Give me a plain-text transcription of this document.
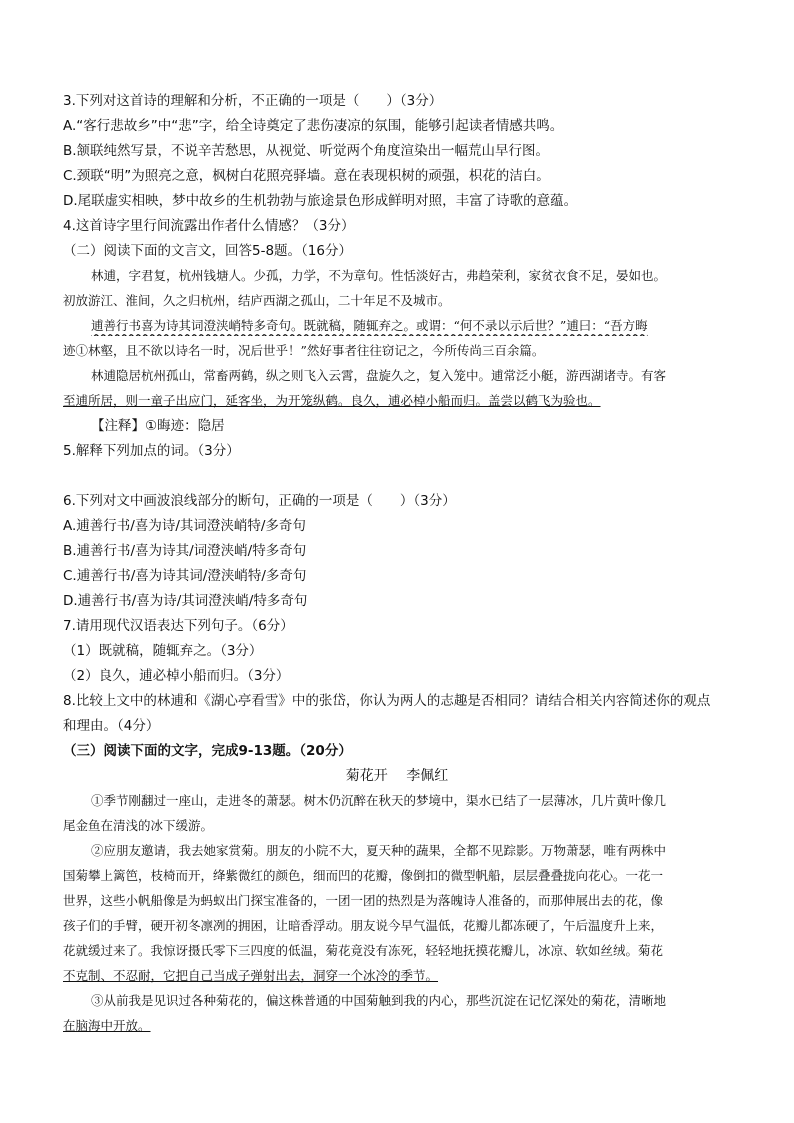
3.下列对这首诗的理解和分析，不正确的一项是（　　）（3分）
A.“客行悲故乡”中“悲”字，给全诗奠定了悲伤凄凉的氛围，能够引起读者情感共鸣。
B.颔联纯然写景，不说辛苦愁思，从视觉、听觉两个角度渲染出一幅荒山早行图。
C.颈联“明”为照亮之意，枫树白花照亮驿墙。意在表现枳树的顽强，枳花的洁白。
D.尾联虚实相映，梦中故乡的生机勃勃与旅途景色形成鲜明对照，丰富了诗歌的意蕴。
4.这首诗字里行间流露出作者什么情感？（3分）
（二）阅读下面的文言文，回答5-8题。（16分）
林逋，字君复，杭州钱塘人。少孤，力学，不为章句。性恬淡好古，弗趋荣利，家贫衣食不足，晏如也。
初放游江、淮间，久之归杭州，结庐西湖之孤山，二十年足不及城市。
逋善行书喜为诗其词澄浃峭特多奇句。既就稿，随辄弃之。或谓：“何不录以示后世？”逋曰：“吾方晦
迹①林壑，且不欲以诗名一时，况后世乎！”然好事者往往窃记之，今所传尚三百余篇。
林逋隐居杭州孤山，常畜两鹤，纵之则飞入云霄，盘旋久之，复入笼中。逋常泛小艇，游西湖诸寺。有客
至逋所居，则一童子出应门，延客坐，为开笼纵鹤。良久，逋必棹小船而归。盖尝以鹤飞为验也。
【注释】①晦迹：隐居
5.解释下列加点的词。（3分）
6.下列对文中画波浪线部分的断句，正确的一项是（　　）（3分）
A.逋善行书/喜为诗/其词澄浃峭特/多奇句
B.逋善行书/喜为诗其/词澄浃峭/特多奇句
C.逋善行书/喜为诗其词/澄浃峭特/多奇句
D.逋善行书/喜为诗/其词澄浃峭/特多奇句
7.请用现代汉语表达下列句子。（6分）
（1）既就稿，随辄弃之。（3分）
（2）良久，逋必棹小船而归。（3分）
8.比较上文中的林逋和《湖心亭看雪》中的张岱，你认为两人的志趣是否相同？请结合相关内容简述你的观点
和理由。（4分）
（三）阅读下面的文字，完成9-13题。（20分）
菊花开　 李佩红
①季节刚翻过一座山，走进冬的萧瑟。树木仍沉醉在秋天的梦境中，渠水已结了一层薄冰，几片黄叶像几
尾金鱼在清浅的冰下缓游。
②应朋友邀请，我去她家赏菊。朋友的小院不大，夏天种的蔬果，全都不见踪影。万物萧瑟，唯有两株中
国菊攀上篱笆，枝椅而开，绛紫微红的颜色，细而凹的花瓣，像倒扣的微型帆船，层层叠叠拢向花心。一花一
世界，这些小帆船像是为蚂蚁出门探宝准备的，一团一团的热烈是为落魄诗人准备的，而那伸展出去的花，像
孩子们的手臂，硬开初冬凛冽的拥困，让暗香浮动。朋友说今早气温低，花瓣儿都冻硬了，午后温度升上来，
花就缓过来了。我惊讶摄氏零下三四度的低温，菊花竟没有冻死，轻轻地抚摸花瓣儿，冰凉、软如丝绒。菊花
不克制、不忍耐，它把自己当成子弹射出去，洞穿一个冰冷的季节。
③从前我是见识过各种菊花的，偏这株普通的中国菊触到我的内心，那些沉淀在记忆深处的菊花，清晰地
在脑海中开放。
